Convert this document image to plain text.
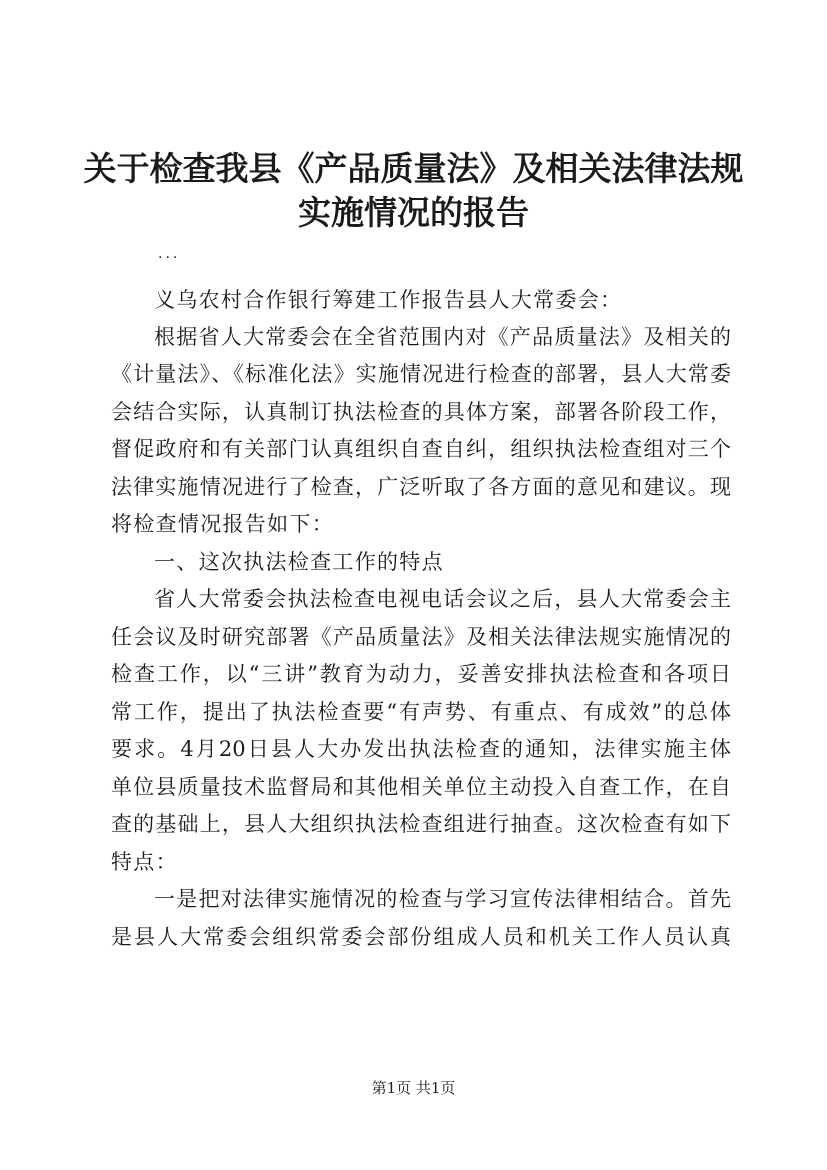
关于检查我县《产品质量法》及相关法律法规
实施情况的报告
...
义乌农村合作银行筹建工作报告县人大常委会：
根据省人大常委会在全省范围内对《产品质量法》及相关的
《计量法》、《标准化法》实施情况进行检查的部署，县人大常委
会结合实际，认真制订执法检查的具体方案，部署各阶段工作，
督促政府和有关部门认真组织自查自纠，组织执法检查组对三个
法律实施情况进行了检查，广泛听取了各方面的意见和建议。现
将检查情况报告如下：
一、这次执法检查工作的特点
省人大常委会执法检查电视电话会议之后，县人大常委会主
任会议及时研究部署《产品质量法》及相关法律法规实施情况的
检查工作，以“三讲”教育为动力，妥善安排执法检查和各项日
常工作，提出了执法检查要“有声势、有重点、有成效”的总体
要求。4月20日县人大办发出执法检查的通知，法律实施主体
单位县质量技术监督局和其他相关单位主动投入自查工作，在自
查的基础上，县人大组织执法检查组进行抽查。这次检查有如下
特点：
一是把对法律实施情况的检查与学习宣传法律相结合。首先
是县人大常委会组织常委会部份组成人员和机关工作人员认真
第1页 共1页
